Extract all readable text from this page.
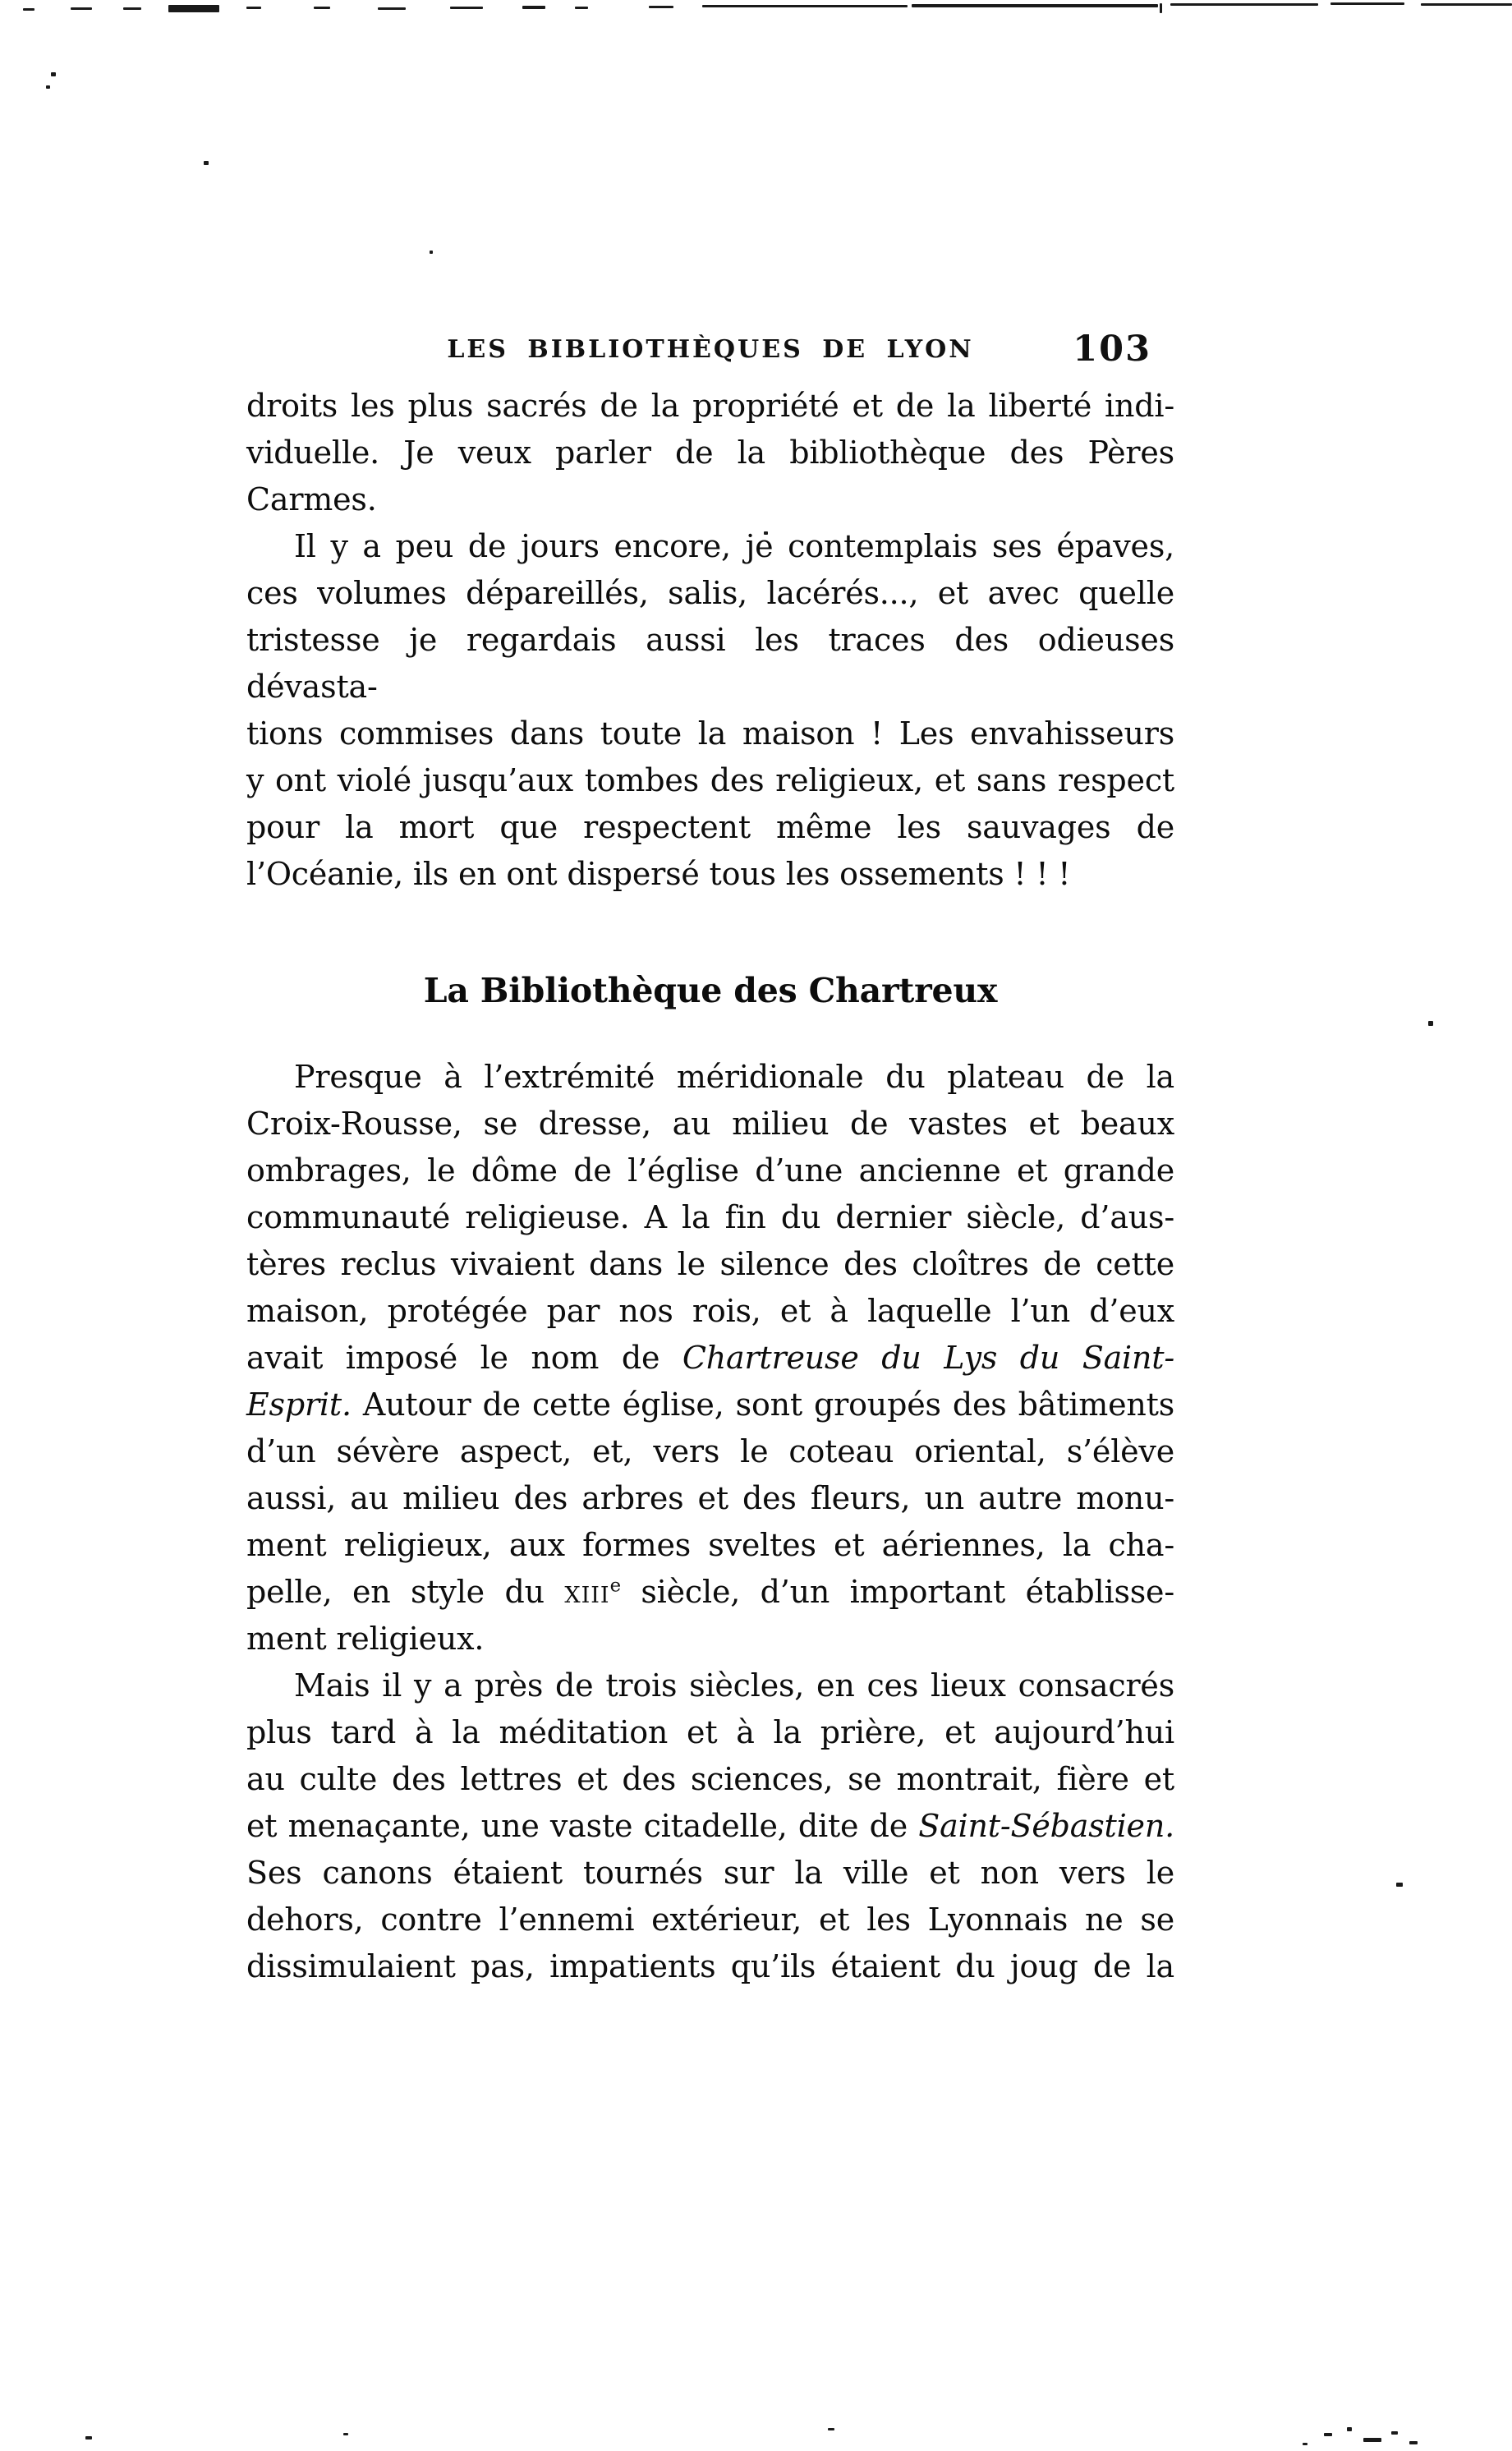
LES BIBLIOTHÈQUES DE LYON	103
droits les plus sacrés de la propriété et de la liberté indi-
viduelle. Je veux parler de la bibliothèque des Pères
Carmes.
Il y a peu de jours encore, je contemplais ses épaves,
ces volumes dépareillés, salis, lacérés..., et avec quelle
tristesse je regardais aussi les traces des odieuses dévasta-
tions commises dans toute la maison ! Les envahisseurs
y ont violé jusqu’aux tombes des religieux, et sans respect
pour la mort que respectent même les sauvages de
l’Océanie, ils en ont dispersé tous les ossements ! ! !
La Bibliothèque des Chartreux
Presque à l’extrémité méridionale du plateau de la
Croix-Rousse, se dresse, au milieu de vastes et beaux
ombrages, le dôme de l’église d’une ancienne et grande
communauté religieuse. A la fin du dernier siècle, d’aus-
tères reclus vivaient dans le silence des cloîtres de cette
maison, protégée par nos rois, et à laquelle l’un d’eux
avait imposé le nom de Chartreuse du Lys du Saint-
Esprit. Autour de cette église, sont groupés des bâtiments
d’un sévère aspect, et, vers le coteau oriental, s’élève
aussi, au milieu des arbres et des fleurs, un autre monu-
ment religieux, aux formes sveltes et aériennes, la cha-
pelle, en style du xiii$^e$ siècle, d’un important établisse-
ment religieux.
Mais il y a près de trois siècles, en ces lieux consacrés
plus tard à la méditation et à la prière, et aujourd’hui
au culte des lettres et des sciences, se montrait, fière et
et menaçante, une vaste citadelle, dite de Saint-Sébastien.
Ses canons étaient tournés sur la ville et non vers le
dehors, contre l’ennemi extérieur, et les Lyonnais ne se
dissimulaient pas, impatients qu’ils étaient du joug de la
